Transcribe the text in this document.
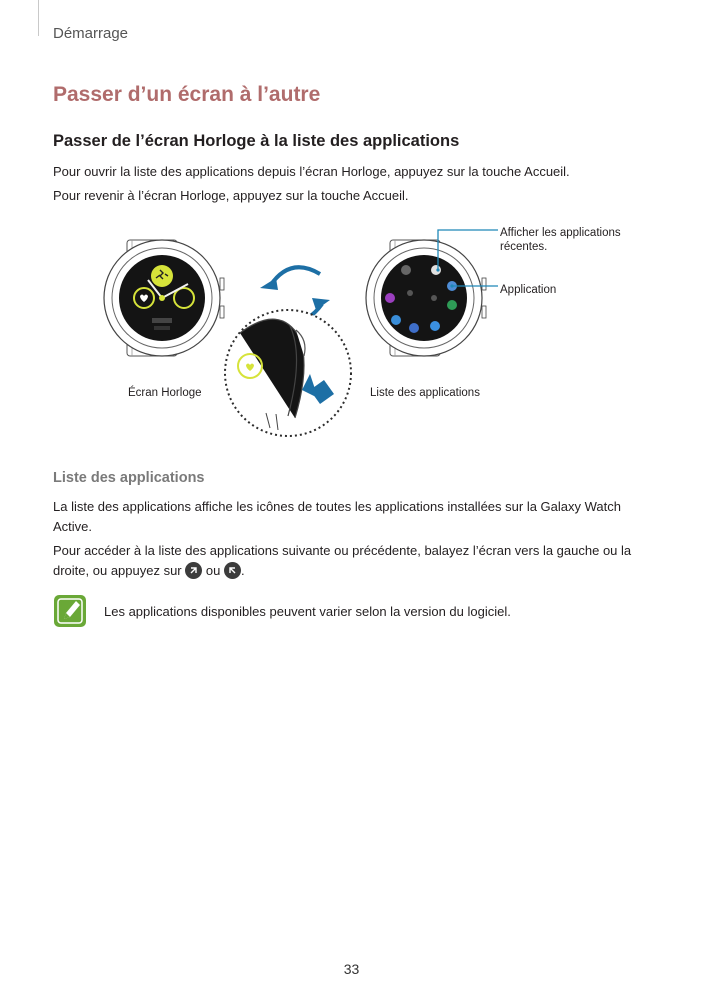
Démarrage
Passer d’un écran à l’autre
Passer de l’écran Horloge à la liste des applications

Pour ouvrir la liste des applications depuis l’écran Horloge, appuyez sur la touche Accueil.

Pour revenir à l’écran Horloge, appuyez sur la touche Accueil.

Afficher les applications récentes.
Application
Écran Horloge	Liste des applications
Liste des applications

La liste des applications affiche les icônes de toutes les applications installées sur la Galaxy Watch Active.

Pour accéder à la liste des applications suivante ou précédente, balayez l’écran vers la gauche ou la droite, ou appuyez sur ou .

Les applications disponibles peuvent varier selon la version du logiciel.
33
